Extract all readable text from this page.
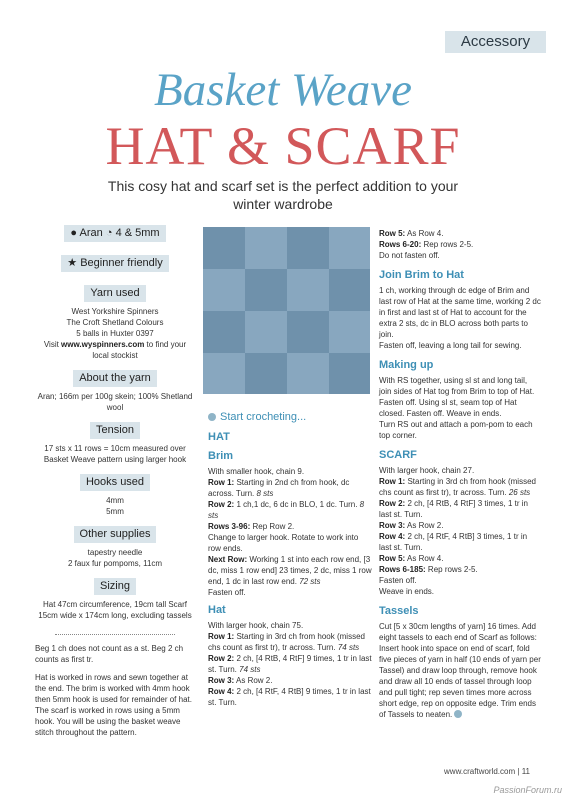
Accessory
Basket Weave
HAT & SCARF
This cosy hat and scarf set is the perfect addition to your winter wardrobe
● Aran ◔ 4 & 5mm
★ Beginner friendly
Yarn used
West Yorkshire Spinners
The Croft Shetland Colours
5 balls in Huxter 0397
Visit www.wyspinners.com to find your local stockist
About the yarn
Aran; 166m per 100g skein; 100% Shetland wool
Tension
17 sts x 11 rows = 10cm measured over Basket Weave pattern using larger hook
Hooks used
4mm
5mm
Other supplies
tapestry needle
2 faux fur pompoms, 11cm
Sizing
Hat 47cm circumference, 19cm tall Scarf 15cm wide x 174cm long, excluding tassels

Beg 1 ch does not count as a st. Beg 2 ch counts as first tr.

Hat is worked in rows and sewn together at the end. The brim is worked with 4mm hook then 5mm hook is used for remainder of hat. The scarf is worked in rows using a 5mm hook. You will be using the basket weave stitch throughout the pattern.

Start crocheting...
HAT
Brim

With smaller hook, chain 9.

Row 1: Starting in 2nd ch from hook, dc across. Turn. 8 sts

Row 2: 1 ch,1 dc, 6 dc in BLO, 1 dc. Turn. 8 sts

Rows 3-96: Rep Row 2.

Change to larger hook. Rotate to work into row ends.

Next Row: Working 1 st into each row end, [3 dc, miss 1 row end] 23 times, 2 dc, miss 1 row end, 1 dc in last row end. 72 sts

Fasten off.

Hat

With larger hook, chain 75.

Row 1: Starting in 3rd ch from hook (missed chs count as first tr), tr across. Turn. 74 sts

Row 2: 2 ch, [4 RtB, 4 RtF] 9 times, 1 tr in last st. Turn. 74 sts

Row 3: As Row 2.

Row 4: 2 ch, [4 RtF, 4 RtB] 9 times, 1 tr in last st. Turn.

Row 5: As Row 4.

Rows 6-20: Rep rows 2-5.

Do not fasten off.

Join Brim to Hat

1 ch, working through dc edge of Brim and last row of Hat at the same time, working 2 dc in first and last st of Hat to account for the extra 2 sts, dc in BLO across both parts to join.

Fasten off, leaving a long tail for sewing.

Making up

With RS together, using sl st and long tail, join sides of Hat tog from Brim to top of Hat. Fasten off. Using sl st, seam top of Hat closed. Fasten off. Weave in ends.

Turn RS out and attach a pom-pom to each top corner.

SCARF

With larger hook, chain 27.

Row 1: Starting in 3rd ch from hook (missed chs count as first tr), tr across. Turn. 26 sts

Row 2: 2 ch, [4 RtB, 4 RtF] 3 times, 1 tr in last st. Turn.

Row 3: As Row 2.

Row 4: 2 ch, [4 RtF, 4 RtB] 3 times, 1 tr in last st. Turn.

Row 5: As Row 4.

Rows 6-185: Rep rows 2-5.

Fasten off.

Weave in ends.

Tassels

Cut [5 x 30cm lengths of yarn] 16 times. Add eight tassels to each end of Scarf as follows: Insert hook into space on end of scarf, fold five pieces of yarn in half (10 ends of yarn per Tassel) and draw loop through, remove hook and draw all 10 ends of tassel through loop and pull tight; rep seven times more across short edge, rep on opposite edge. Trim ends of Tassels to neaten.

www.craftworld.com | 11
PassionForum.ru
